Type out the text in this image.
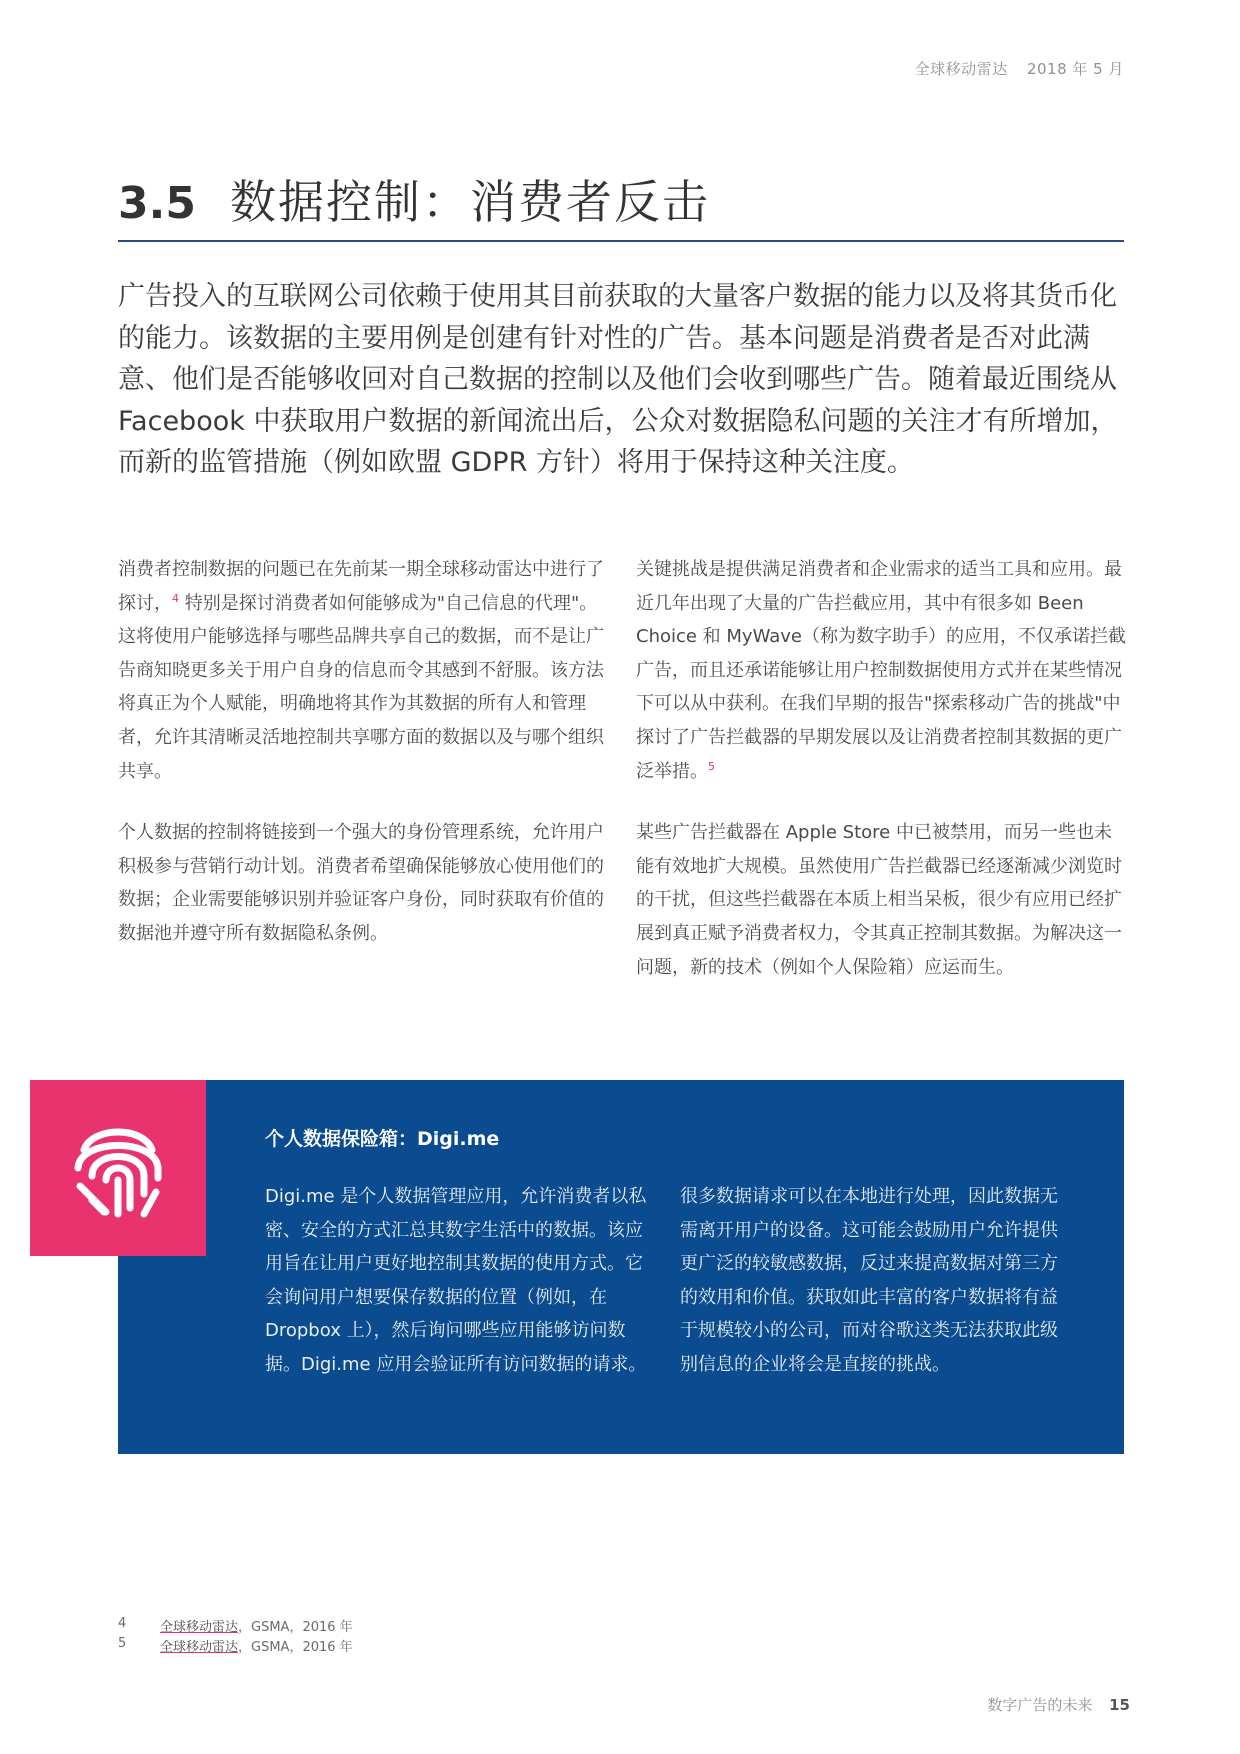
全球移动雷达 2018 年 5 月
3.5 数据控制：消费者反击

广告投入的互联网公司依赖于使用其目前获取的大量客户数据的能力以及将其货币化的能力。该数据的主要用例是创建有针对性的广告。基本问题是消费者是否对此满意、他们是否能够收回对自己数据的控制以及他们会收到哪些广告。随着最近围绕从 Facebook 中获取用户数据的新闻流出后，公众对数据隐私问题的关注才有所增加，而新的监管措施（例如欧盟 GDPR 方针）将用于保持这种关注度。

消费者控制数据的问题已在先前某一期全球移动雷达中进行了探讨，$^4$ 特别是探讨消费者如何能够成为"自己信息的代理"。这将使用户能够选择与哪些品牌共享自己的数据，而不是让广告商知晓更多关于用户自身的信息而令其感到不舒服。该方法将真正为个人赋能，明确地将其作为其数据的所有人和管理者，允许其清晰灵活地控制共享哪方面的数据以及与哪个组织共享。

个人数据的控制将链接到一个强大的身份管理系统，允许用户积极参与营销行动计划。消费者希望确保能够放心使用他们的数据；企业需要能够识别并验证客户身份，同时获取有价值的数据池并遵守所有数据隐私条例。

关键挑战是提供满足消费者和企业需求的适当工具和应用。最近几年出现了大量的广告拦截应用，其中有很多如 Been Choice 和 MyWave（称为数字助手）的应用，不仅承诺拦截广告，而且还承诺能够让用户控制数据使用方式并在某些情况下可以从中获利。在我们早期的报告"探索移动广告的挑战"中探讨了广告拦截器的早期发展以及让消费者控制其数据的更广泛举措。$^5$

某些广告拦截器在 Apple Store 中已被禁用，而另一些也未能有效地扩大规模。虽然使用广告拦截器已经逐渐减少浏览时的干扰，但这些拦截器在本质上相当呆板，很少有应用已经扩展到真正赋予消费者权力，令其真正控制其数据。为解决这一问题，新的技术（例如个人保险箱）应运而生。

个人数据保险箱：Digi.me

Digi.me 是个人数据管理应用，允许消费者以私密、安全的方式汇总其数字生活中的数据。该应用旨在让用户更好地控制其数据的使用方式。它会询问用户想要保存数据的位置（例如，在 Dropbox 上），然后询问哪些应用能够访问数据。Digi.me 应用会验证所有访问数据的请求。

很多数据请求可以在本地进行处理，因此数据无需离开用户的设备。这可能会鼓励用户允许提供更广泛的较敏感数据，反过来提高数据对第三方的效用和价值。获取如此丰富的客户数据将有益于规模较小的公司，而对谷歌这类无法获取此级别信息的企业将会是直接的挑战。

4	全球移动雷达 ，GSMA，2016 年
5	全球移动雷达 ，GSMA，2016 年
数字广告的未来 15
